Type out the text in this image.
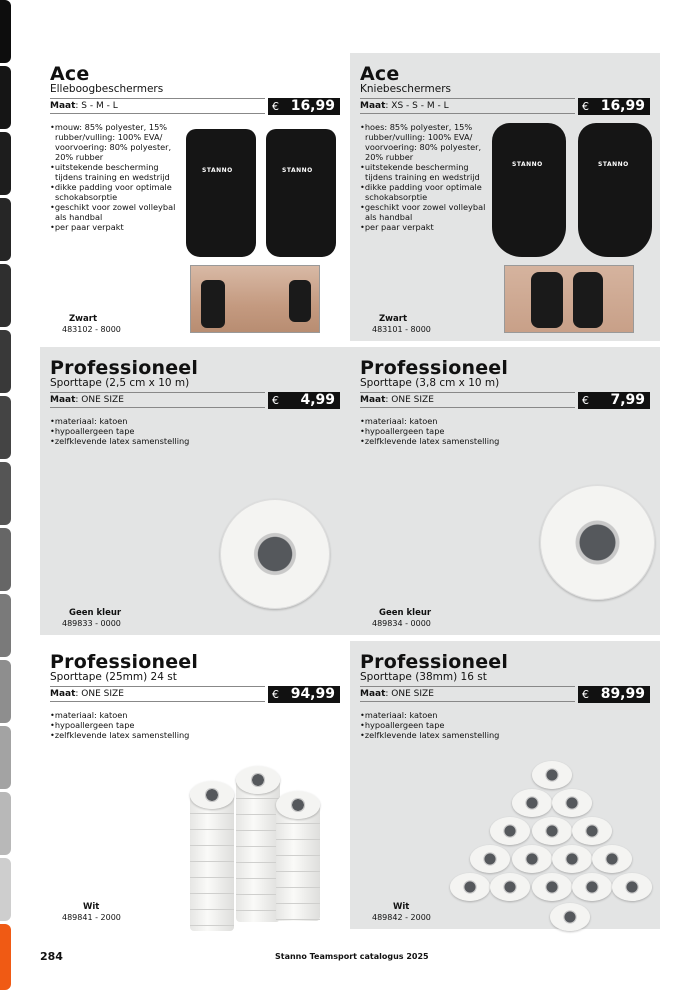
Ace
Elleboogbeschermers
Maat: S - M - L	€ 16,99
• mouw: 85% polyester, 15% rubber/vulling: 100% EVA/ voorvoering: 80% polyester, 20% rubber
• uitstekende bescherming tijdens training en wedstrijd
• dikke padding voor optimale schokabsorptie
• geschikt voor zowel volleybal als handbal
• per paar verpakt
STANNO	STANNO
Zwart
483102 - 8000
Ace
Kniebeschermers
Maat: XS - S - M - L	€ 16,99
• hoes: 85% polyester, 15% rubber/vulling: 100% EVA/ voorvoering: 80% polyester, 20% rubber
• uitstekende bescherming tijdens training en wedstrijd
• dikke padding voor optimale schokabsorptie
• geschikt voor zowel volleybal als handbal
• per paar verpakt
STANNO	STANNO
Zwart
483101 - 8000
Professioneel
Sporttape (2,5 cm x 10 m)
Maat: ONE SIZE	€ 4,99
• materiaal: katoen
• hypoallergeen tape
• zelfklevende latex samenstelling
Geen kleur
489833 - 0000
Professioneel
Sporttape (3,8 cm x 10 m)
Maat: ONE SIZE	€ 7,99
• materiaal: katoen
• hypoallergeen tape
• zelfklevende latex samenstelling
Geen kleur
489834 - 0000
Professioneel
Sporttape (25mm) 24 st
Maat: ONE SIZE	€ 94,99
• materiaal: katoen
• hypoallergeen tape
• zelfklevende latex samenstelling
Wit
489841 - 2000
Professioneel
Sporttape (38mm) 16 st
Maat: ONE SIZE	€ 89,99
• materiaal: katoen
• hypoallergeen tape
• zelfklevende latex samenstelling
Wit
489842 - 2000
284	Stanno Teamsport catalogus 2025
